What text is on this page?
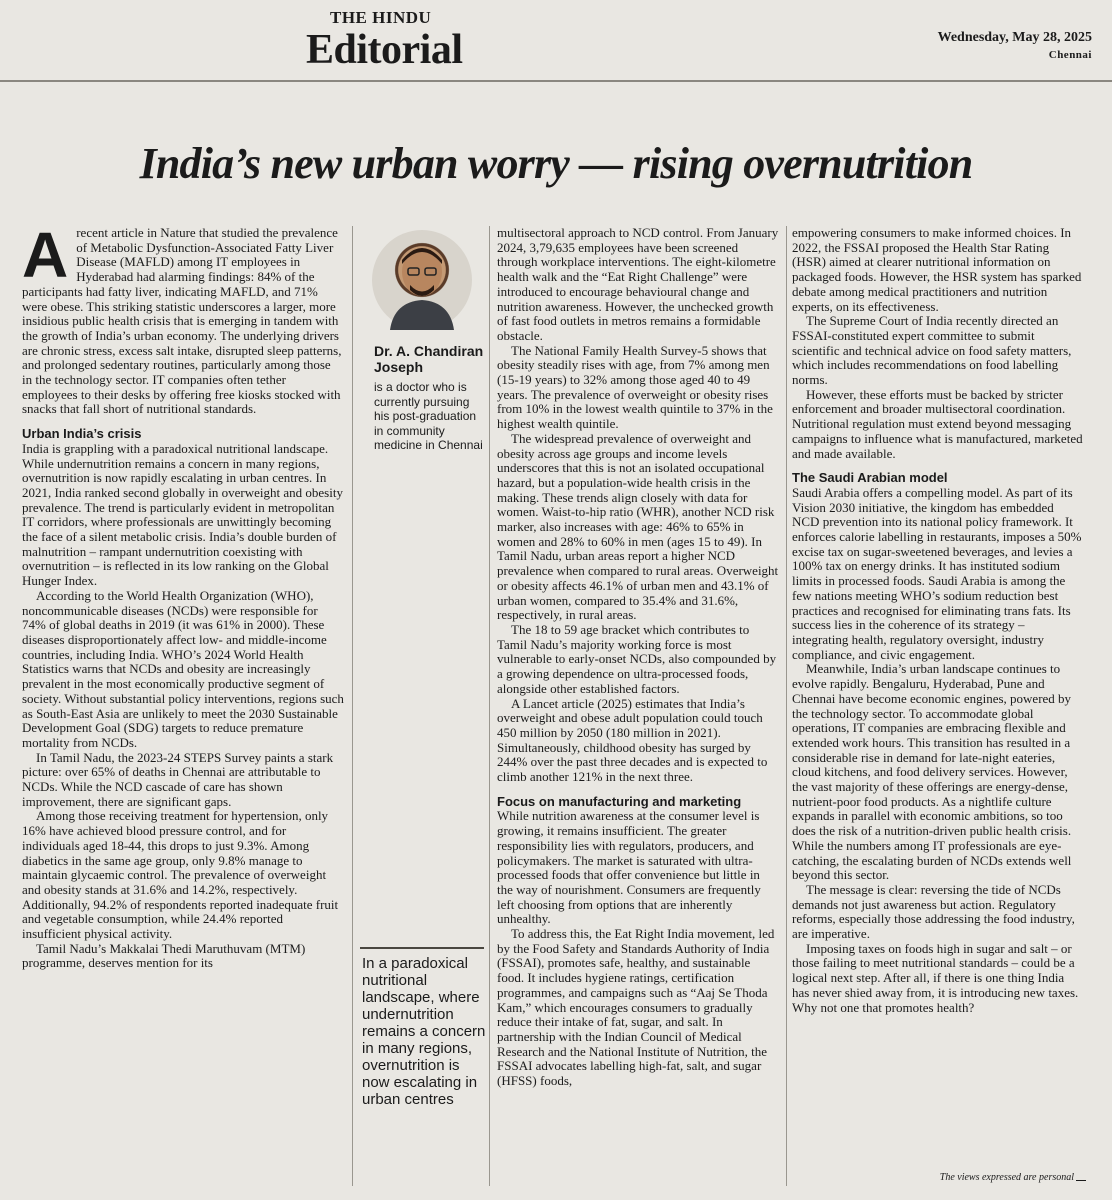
THE HINDU
Editorial	Wednesday, May 28, 2025
Chennai
India’s new urban worry — rising overnutrition
A recent article in Nature that studied the prevalence of Metabolic Dysfunction-Associated Fatty Liver Disease (MAFLD) among IT employees in Hyderabad had alarming findings: 84% of the participants had fatty liver, indicating MAFLD, and 71% were obese. This striking statistic underscores a larger, more insidious public health crisis that is emerging in tandem with the growth of India’s urban economy. The underlying drivers are chronic stress, excess salt intake, disrupted sleep patterns, and prolonged sedentary routines, particularly among those in the technology sector. IT companies often tether employees to their desks by offering free kiosks stocked with snacks that fall short of nutritional standards.

Urban India’s crisis

India is grappling with a paradoxical nutritional landscape. While undernutrition remains a concern in many regions, overnutrition is now rapidly escalating in urban centres. In 2021, India ranked second globally in overweight and obesity prevalence. The trend is particularly evident in metropolitan IT corridors, where professionals are unwittingly becoming the face of a silent metabolic crisis. India’s double burden of malnutrition – rampant undernutrition coexisting with overnutrition – is reflected in its low ranking on the Global Hunger Index.

According to the World Health Organization (WHO), noncommunicable diseases (NCDs) were responsible for 74% of global deaths in 2019 (it was 61% in 2000). These diseases disproportionately affect low- and middle-income countries, including India. WHO’s 2024 World Health Statistics warns that NCDs and obesity are increasingly prevalent in the most economically productive segment of society. Without substantial policy interventions, regions such as South-East Asia are unlikely to meet the 2030 Sustainable Development Goal (SDG) targets to reduce premature mortality from NCDs.

In Tamil Nadu, the 2023-24 STEPS Survey paints a stark picture: over 65% of deaths in Chennai are attributable to NCDs. While the NCD cascade of care has shown improvement, there are significant gaps.

Among those receiving treatment for hypertension, only 16% have achieved blood pressure control, and for individuals aged 18-44, this drops to just 9.3%. Among diabetics in the same age group, only 9.8% manage to maintain glycaemic control. The prevalence of overweight and obesity stands at 31.6% and 14.2%, respectively. Additionally, 94.2% of respondents reported inadequate fruit and vegetable consumption, while 24.4% reported insufficient physical activity.

Tamil Nadu’s Makkalai Thedi Maruthuvam (MTM) programme, deserves mention for its

Dr. A. Chandiran Joseph
is a doctor who is currently pursuing his post-graduation in community medicine in Chennai
In a paradoxical nutritional landscape, where undernutrition remains a concern in many regions, overnutrition is now escalating in urban centres

multisectoral approach to NCD control. From January 2024, 3,79,635 employees have been screened through workplace interventions. The eight-kilometre health walk and the “Eat Right Challenge” were introduced to encourage behavioural change and nutrition awareness. However, the unchecked growth of fast food outlets in metros remains a formidable obstacle.

The National Family Health Survey-5 shows that obesity steadily rises with age, from 7% among men (15-19 years) to 32% among those aged 40 to 49 years. The prevalence of overweight or obesity rises from 10% in the lowest wealth quintile to 37% in the highest wealth quintile.

The widespread prevalence of overweight and obesity across age groups and income levels underscores that this is not an isolated occupational hazard, but a population-wide health crisis in the making. These trends align closely with data for women. Waist-to-hip ratio (WHR), another NCD risk marker, also increases with age: 46% to 65% in women and 28% to 60% in men (ages 15 to 49). In Tamil Nadu, urban areas report a higher NCD prevalence when compared to rural areas. Overweight or obesity affects 46.1% of urban men and 43.1% of urban women, compared to 35.4% and 31.6%, respectively, in rural areas.

The 18 to 59 age bracket which contributes to Tamil Nadu’s majority working force is most vulnerable to early-onset NCDs, also compounded by a growing dependence on ultra-processed foods, alongside other established factors.

A Lancet article (2025) estimates that India’s overweight and obese adult population could touch 450 million by 2050 (180 million in 2021). Simultaneously, childhood obesity has surged by 244% over the past three decades and is expected to climb another 121% in the next three.

Focus on manufacturing and marketing

While nutrition awareness at the consumer level is growing, it remains insufficient. The greater responsibility lies with regulators, producers, and policymakers. The market is saturated with ultra-processed foods that offer convenience but little in the way of nourishment. Consumers are frequently left choosing from options that are inherently unhealthy.

To address this, the Eat Right India movement, led by the Food Safety and Standards Authority of India (FSSAI), promotes safe, healthy, and sustainable food. It includes hygiene ratings, certification programmes, and campaigns such as “Aaj Se Thoda Kam,” which encourages consumers to gradually reduce their intake of fat, sugar, and salt. In partnership with the Indian Council of Medical Research and the National Institute of Nutrition, the FSSAI advocates labelling high-fat, salt, and sugar (HFSS) foods,

empowering consumers to make informed choices. In 2022, the FSSAI proposed the Health Star Rating (HSR) aimed at clearer nutritional information on packaged foods. However, the HSR system has sparked debate among medical practitioners and nutrition experts, on its effectiveness.

The Supreme Court of India recently directed an FSSAI-constituted expert committee to submit scientific and technical advice on food safety matters, which includes recommendations on food labelling norms.

However, these efforts must be backed by stricter enforcement and broader multisectoral coordination. Nutritional regulation must extend beyond messaging campaigns to influence what is manufactured, marketed and made available.

The Saudi Arabian model

Saudi Arabia offers a compelling model. As part of its Vision 2030 initiative, the kingdom has embedded NCD prevention into its national policy framework. It enforces calorie labelling in restaurants, imposes a 50% excise tax on sugar-sweetened beverages, and levies a 100% tax on energy drinks. It has instituted sodium limits in processed foods. Saudi Arabia is among the few nations meeting WHO’s sodium reduction best practices and recognised for eliminating trans fats. Its success lies in the coherence of its strategy – integrating health, regulatory oversight, industry compliance, and civic engagement.

Meanwhile, India’s urban landscape continues to evolve rapidly. Bengaluru, Hyderabad, Pune and Chennai have become economic engines, powered by the technology sector. To accommodate global operations, IT companies are embracing flexible and extended work hours. This transition has resulted in a considerable rise in demand for late-night eateries, cloud kitchens, and food delivery services. However, the vast majority of these offerings are energy-dense, nutrient-poor food products. As a nightlife culture expands in parallel with economic ambitions, so too does the risk of a nutrition-driven public health crisis. While the numbers among IT professionals are eye-catching, the escalating burden of NCDs extends well beyond this sector.

The message is clear: reversing the tide of NCDs demands not just awareness but action. Regulatory reforms, especially those addressing the food industry, are imperative.

Imposing taxes on foods high in sugar and salt – or those failing to meet nutritional standards – could be a logical next step. After all, if there is one thing India has never shied away from, it is introducing new taxes. Why not one that promotes health?

The views expressed are personal
